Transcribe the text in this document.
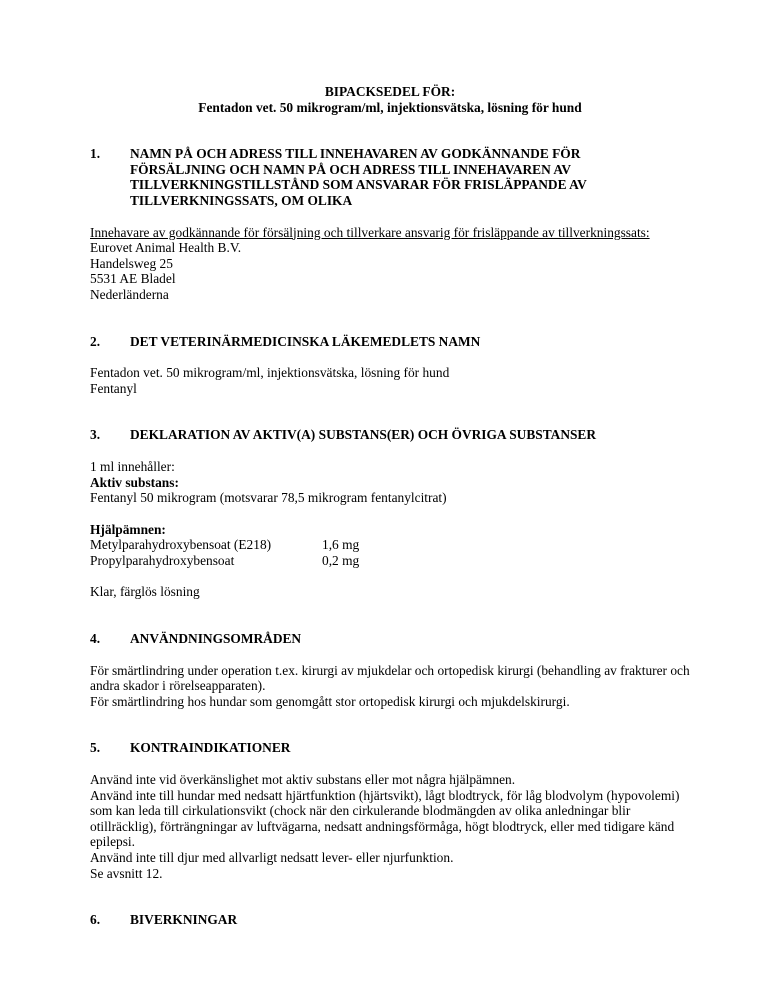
BIPACKSEDEL FÖR:

Fentadon vet. 50 mikrogram/ml, injektionsvätska, lösning för hund

1. NAMN PÅ OCH ADRESS TILL INNEHAVAREN AV GODKÄNNANDE FÖR FÖRSÄLJNING OCH NAMN PÅ OCH ADRESS TILL INNEHAVAREN AV TILLVERKNINGSTILLSTÅND SOM ANSVARAR FÖR FRISLÄPPANDE AV TILLVERKNINGSSATS, OM OLIKA

Innehavare av godkännande för försäljning och tillverkare ansvarig för frisläppande av tillverkningssats:

Eurovet Animal Health B.V.

Handelsweg 25

5531 AE Bladel

Nederländerna

2. DET VETERINÄRMEDICINSKA LÄKEMEDLETS NAMN

Fentadon vet. 50 mikrogram/ml, injektionsvätska, lösning för hund

Fentanyl

3. DEKLARATION AV AKTIV(A) SUBSTANS(ER) OCH ÖVRIGA SUBSTANSER

1 ml innehåller:

Aktiv substans:

Fentanyl 50 mikrogram (motsvarar 78,5 mikrogram fentanylcitrat)

Hjälpämnen:

Metylparahydroxybensoat (E218)	1,6 mg
Propylparahydroxybensoat	0,2 mg

Klar, färglös lösning

4. ANVÄNDNINGSOMRÅDEN

För smärtlindring under operation t.ex. kirurgi av mjukdelar och ortopedisk kirurgi (behandling av frakturer och andra skador i rörelseapparaten).

För smärtlindring hos hundar som genomgått stor ortopedisk kirurgi och mjukdelskirurgi.

5. KONTRAINDIKATIONER

Använd inte vid överkänslighet mot aktiv substans eller mot några hjälpämnen.

Använd inte till hundar med nedsatt hjärtfunktion (hjärtsvikt), lågt blodtryck, för låg blodvolym (hypovolemi) som kan leda till cirkulationsvikt (chock när den cirkulerande blodmängden av olika anledningar blir otillräcklig), förträngningar av luftvägarna, nedsatt andningsförmåga, högt blodtryck, eller med tidigare känd epilepsi.

Använd inte till djur med allvarligt nedsatt lever- eller njurfunktion.

Se avsnitt 12.

6. BIVERKNINGAR
